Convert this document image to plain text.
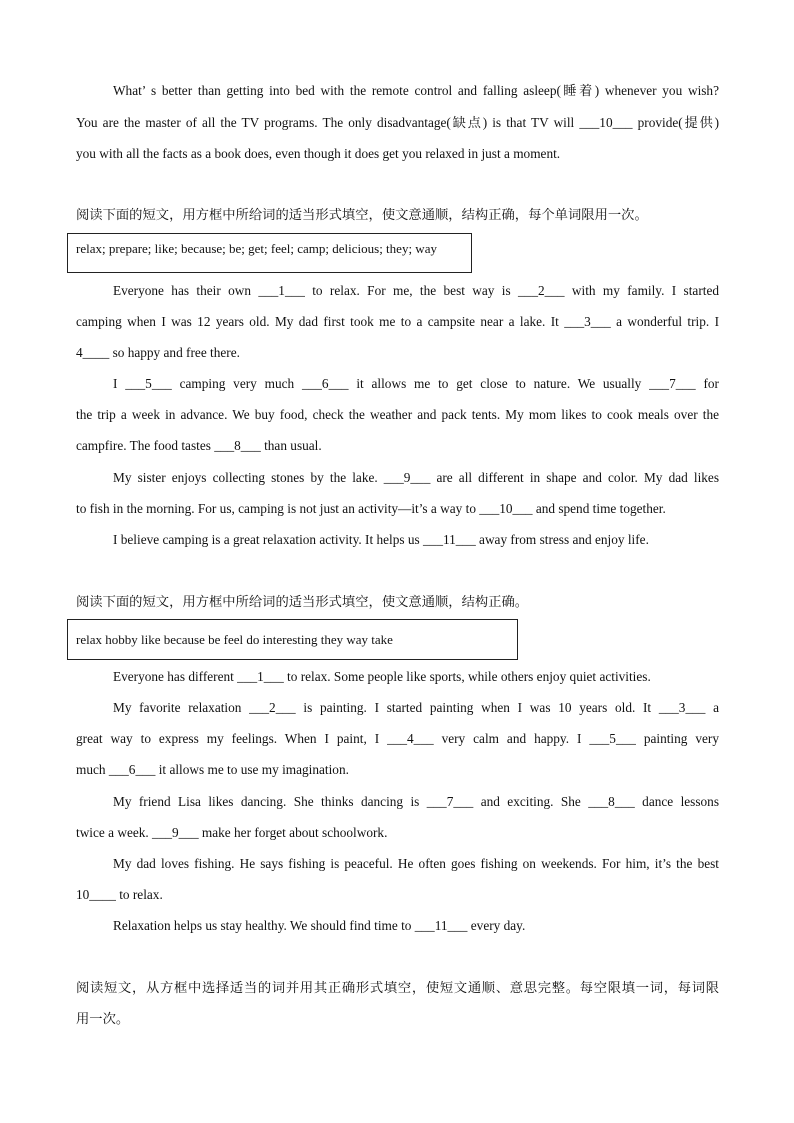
What’ s better than getting into bed with the remote control and falling asleep(睡着) whenever you wish?
You are the master of all the TV programs. The only disadvantage(缺点) is that TV will ___10___ provide(提供)
you with all the facts as a book does, even though it does get you relaxed in just a moment.
阅读下面的短文，用方框中所给词的适当形式填空，使文意通顺，结构正确，每个单词限用一次。
relax; prepare; like; because; be; get; feel; camp; delicious; they; way
Everyone has their own ___1___ to relax. For me, the best way is ___2___ with my family. I started
camping when I was 12 years old. My dad first took me to a campsite near a lake. It ___3___ a wonderful trip. I
4____ so happy and free there.
I ___5___ camping very much ___6___ it allows me to get close to nature. We usually ___7___ for
the trip a week in advance. We buy food, check the weather and pack tents. My mom likes to cook meals over the
campfire. The food tastes ___8___ than usual.
My sister enjoys collecting stones by the lake. ___9___ are all different in shape and color. My dad likes
to fish in the morning. For us, camping is not just an activity—it’s a way to ___10___ and spend time together.
I believe camping is a great relaxation activity. It helps us ___11___ away from stress and enjoy life.
阅读下面的短文，用方框中所给词的适当形式填空，使文意通顺，结构正确。
relax hobby like because be feel do interesting they way take
Everyone has different ___1___ to relax. Some people like sports, while others enjoy quiet activities.
My favorite relaxation ___2___ is painting. I started painting when I was 10 years old. It ___3___ a
great way to express my feelings. When I paint, I ___4___ very calm and happy. I ___5___ painting very
much ___6___ it allows me to use my imagination.
My friend Lisa likes dancing. She thinks dancing is ___7___ and exciting. She ___8___ dance lessons
twice a week. ___9___ make her forget about schoolwork.
My dad loves fishing. He says fishing is peaceful. He often goes fishing on weekends. For him, it’s the best
10____ to relax.
Relaxation helps us stay healthy. We should find time to ___11___ every day.
阅读短文，从方框中选择适当的词并用其正确形式填空，使短文通顺、意思完整。每空限填一词，每词限
用一次。
